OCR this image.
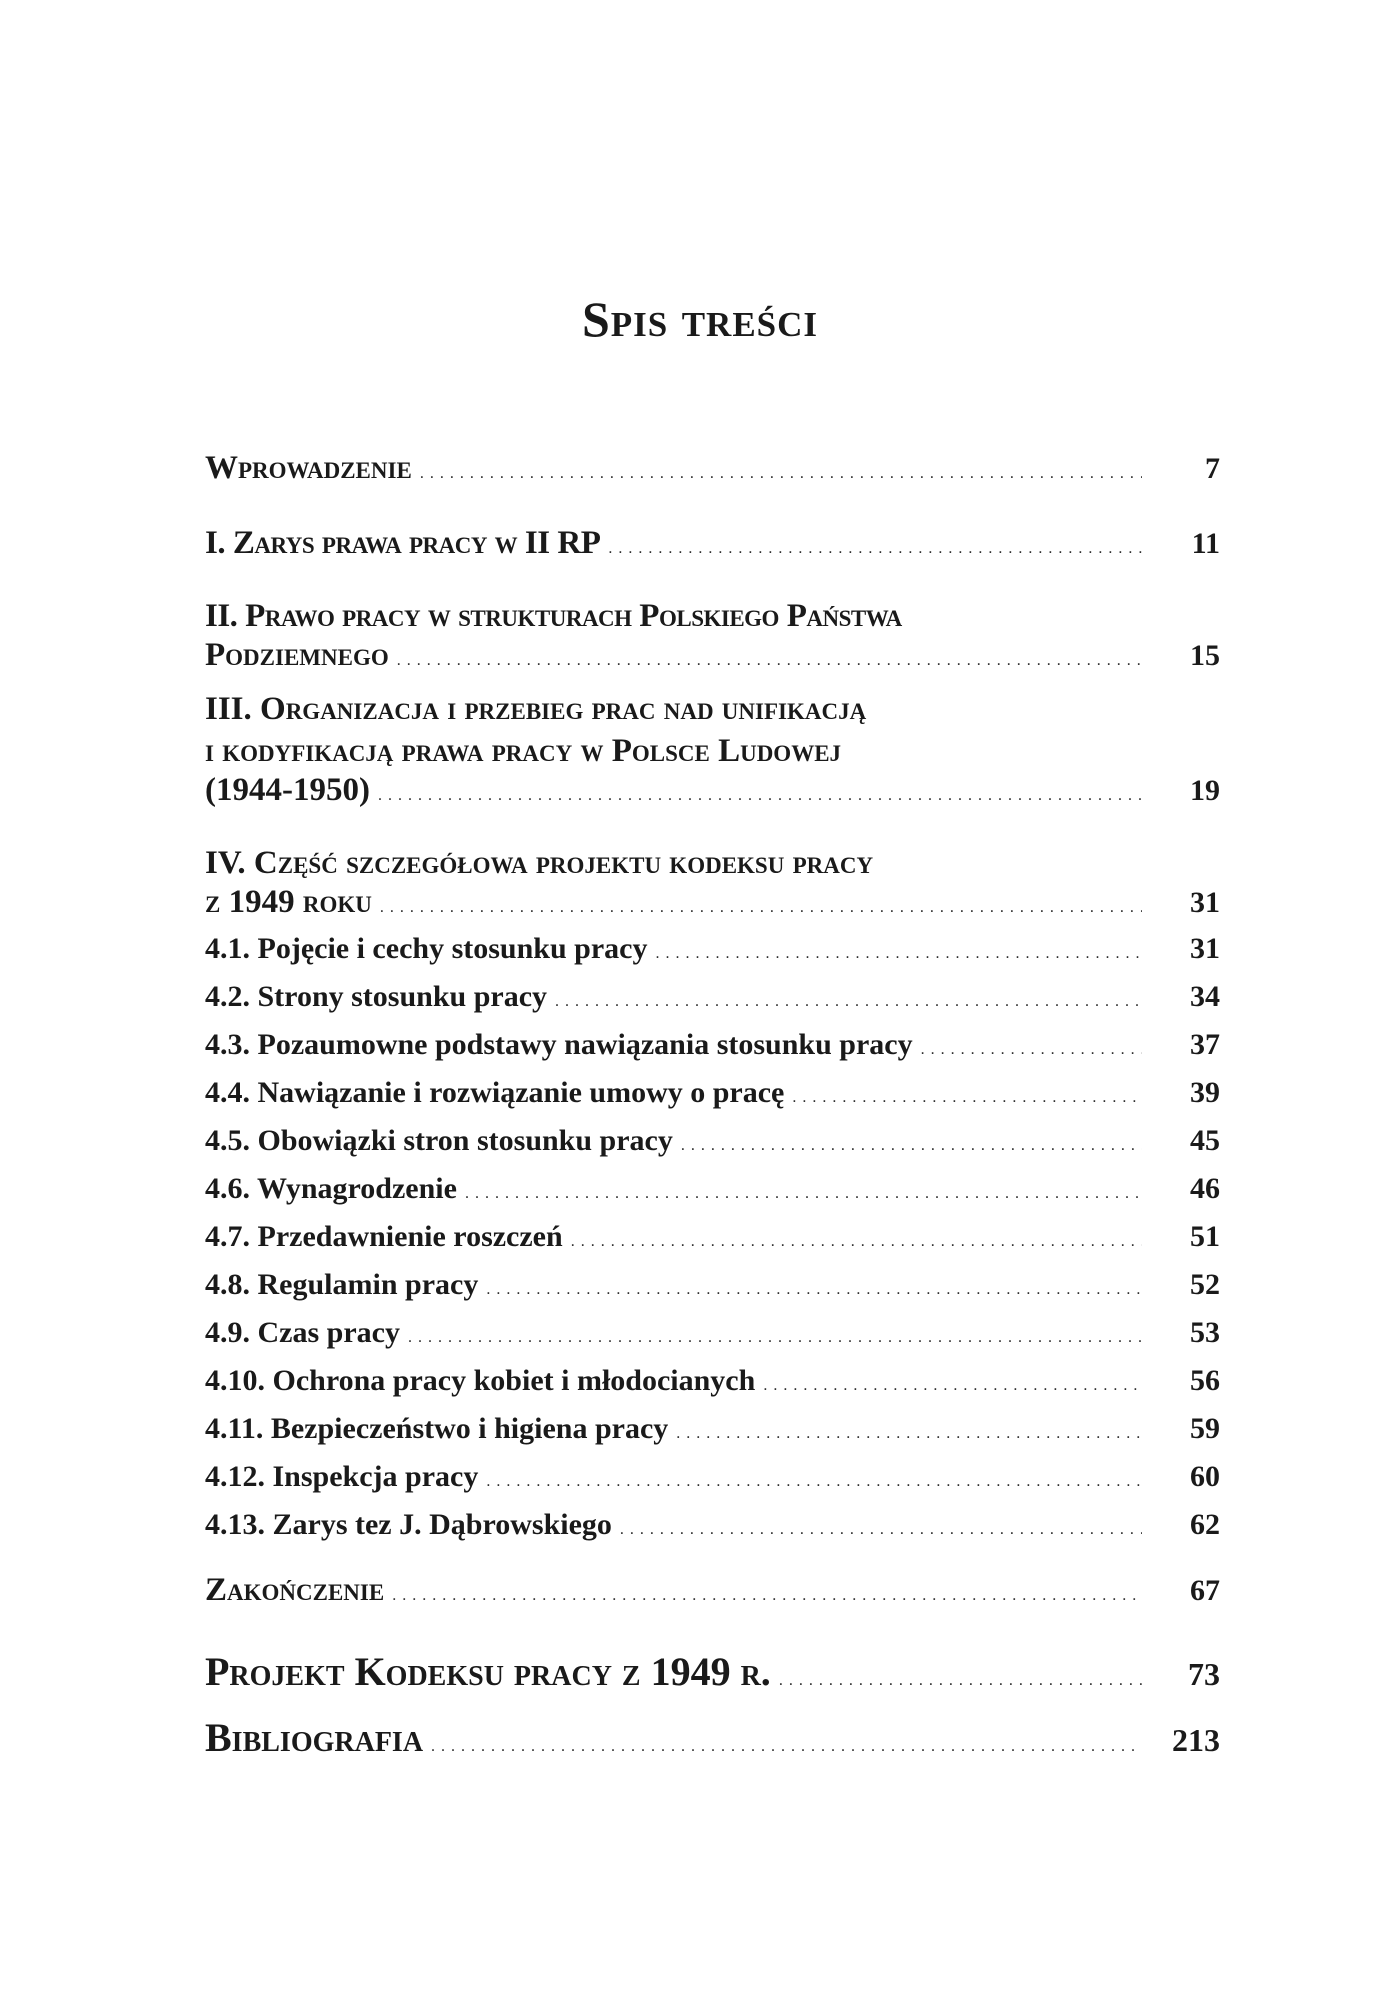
Spis treści
Wprowadzenie .....	7
I. Zarys prawa pracy w II RP .....	11
II. Prawo pracy w strukturach Polskiego Państwa
Podziemnego .....	15
III. Organizacja i przebieg prac nad unifikacją
i kodyfikacją prawa pracy w Polsce Ludowej
(1944-1950) .....	19
IV. Część szczegółowa projektu kodeksu pracy
z 1949 roku .....	31
4.1. Pojęcie i cechy stosunku pracy .....	31
4.2. Strony stosunku pracy .....	34
4.3. Pozaumowne podstawy nawiązania stosunku pracy .....	37
4.4. Nawiązanie i rozwiązanie umowy o pracę .....	39
4.5. Obowiązki stron stosunku pracy .....	45
4.6. Wynagrodzenie .....	46
4.7. Przedawnienie roszczeń .....	51
4.8. Regulamin pracy .....	52
4.9. Czas pracy .....	53
4.10. Ochrona pracy kobiet i młodocianych .....	56
4.11. Bezpieczeństwo i higiena pracy .....	59
4.12. Inspekcja pracy .....	60
4.13. Zarys tez J. Dąbrowskiego .....	62
Zakończenie .....	67
Projekt Kodeksu pracy z 1949 r. .....	73
Bibliografia .....	213
